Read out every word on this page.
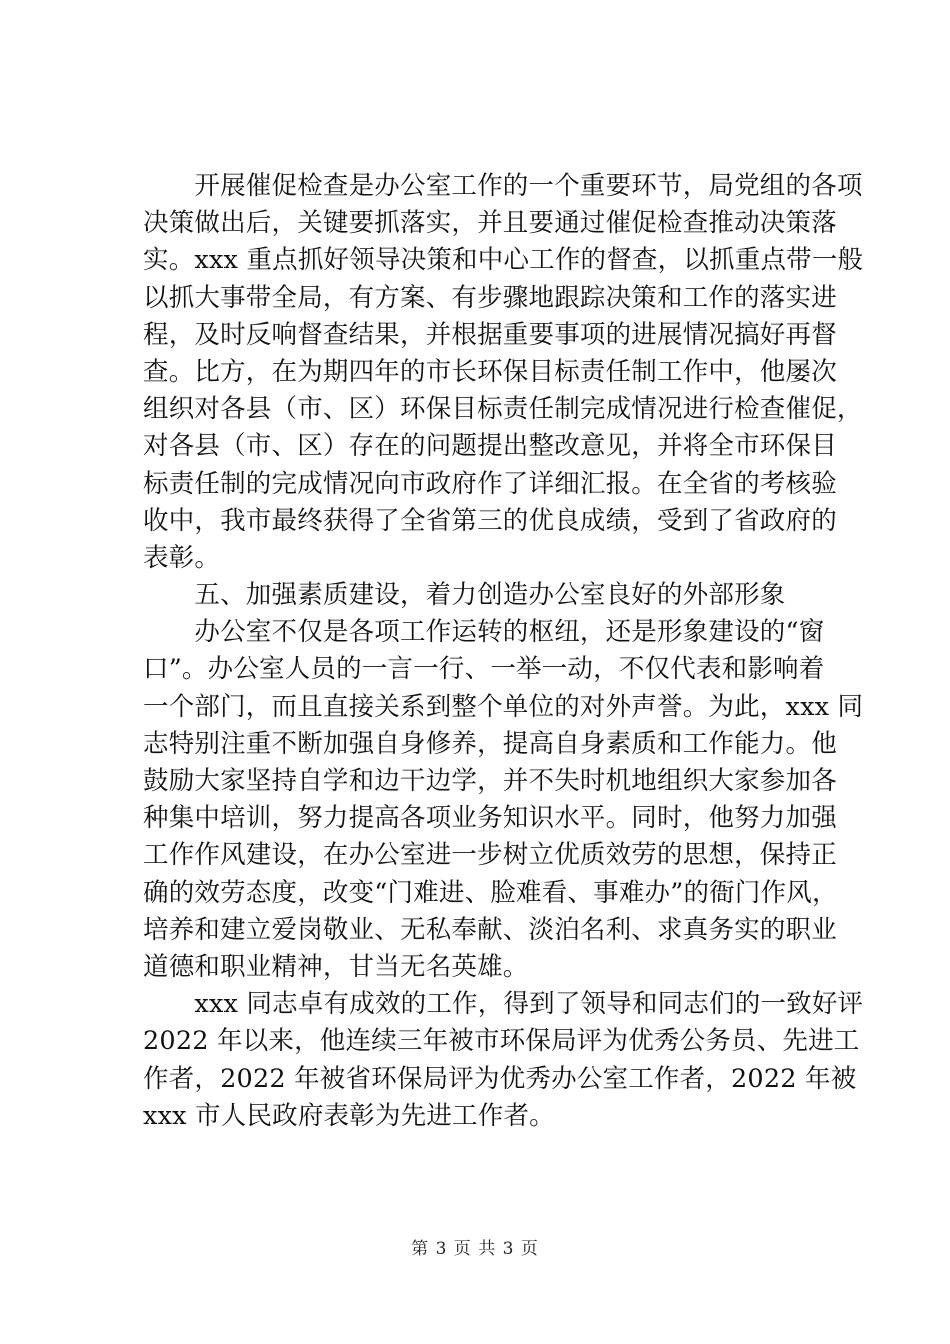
　　开展催促检查是办公室工作的一个重要环节，局党组的各项
决策做出后，关键要抓落实，并且要通过催促检查推动决策落
实。xxx 重点抓好领导决策和中心工作的督查，以抓重点带一般
以抓大事带全局，有方案、有步骤地跟踪决策和工作的落实进
程，及时反响督查结果，并根据重要事项的进展情况搞好再督
查。比方，在为期四年的市长环保目标责任制工作中，他屡次
组织对各县（市、区）环保目标责任制完成情况进行检查催促，
对各县（市、区）存在的问题提出整改意见，并将全市环保目
标责任制的完成情况向市政府作了详细汇报。在全省的考核验
收中，我市最终获得了全省第三的优良成绩，受到了省政府的
表彰。
　　五、加强素质建设，着力创造办公室良好的外部形象
　　办公室不仅是各项工作运转的枢纽，还是形象建设的“窗
口”。办公室人员的一言一行、一举一动，不仅代表和影响着
一个部门，而且直接关系到整个单位的对外声誉。为此，xxx 同
志特别注重不断加强自身修养，提高自身素质和工作能力。他
鼓励大家坚持自学和边干边学，并不失时机地组织大家参加各
种集中培训，努力提高各项业务知识水平。同时，他努力加强
工作作风建设，在办公室进一步树立优质效劳的思想，保持正
确的效劳态度，改变“门难进、脸难看、事难办”的衙门作风，
培养和建立爱岗敬业、无私奉献、淡泊名利、求真务实的职业
道德和职业精神，甘当无名英雄。
　　xxx 同志卓有成效的工作，得到了领导和同志们的一致好评
2022 年以来，他连续三年被市环保局评为优秀公务员、先进工
作者，2022 年被省环保局评为优秀办公室工作者，2022 年被
xxx 市人民政府表彰为先进工作者。
第 3 页 共 3 页
